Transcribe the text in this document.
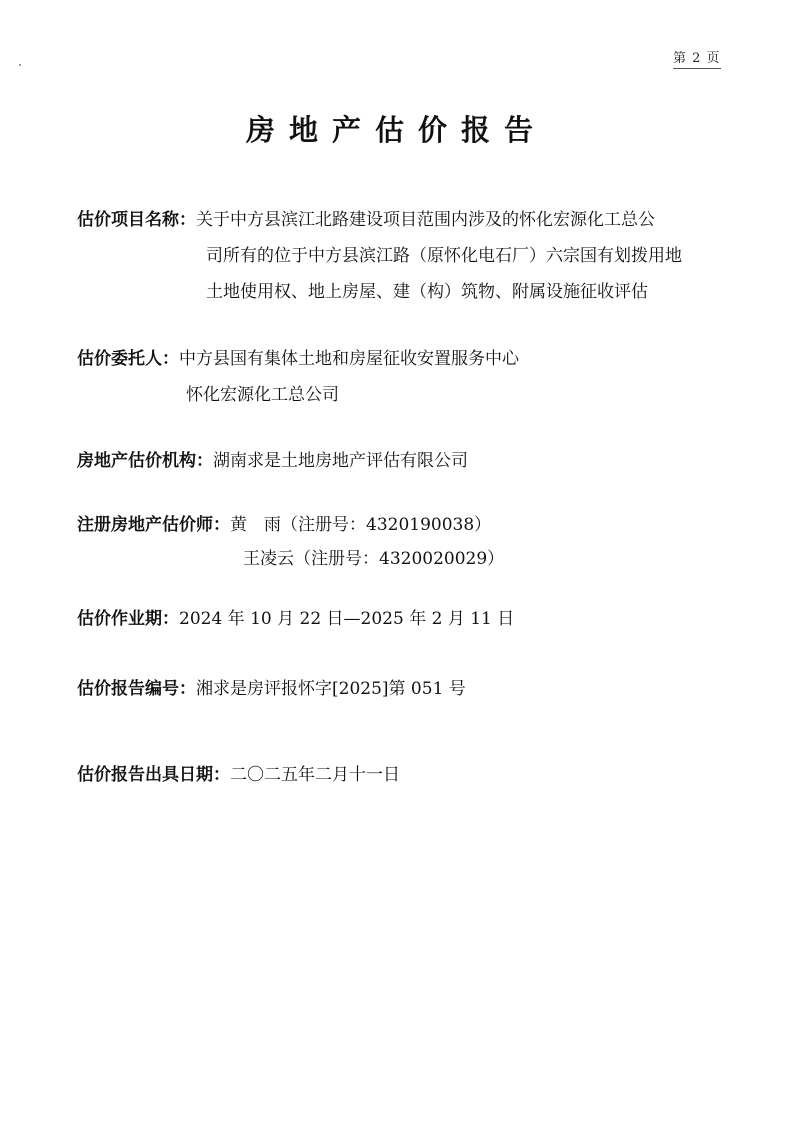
第 2 页
房地产估价报告
估价项目名称：关于中方县滨江北路建设项目范围内涉及的怀化宏源化工总公
司所有的位于中方县滨江路（原怀化电石厂）六宗国有划拨用地
土地使用权、地上房屋、建（构）筑物、附属设施征收评估
估价委托人：中方县国有集体土地和房屋征收安置服务中心
怀化宏源化工总公司
房地产估价机构：湖南求是土地房地产评估有限公司
注册房地产估价师：黄　雨（注册号：4320190038）
王凌云（注册号：4320020029）
估价作业期：2024 年 10 月 22 日—2025 年 2 月 11 日
估价报告编号：湘求是房评报怀字[2025]第 051 号
估价报告出具日期：二〇二五年二月十一日
